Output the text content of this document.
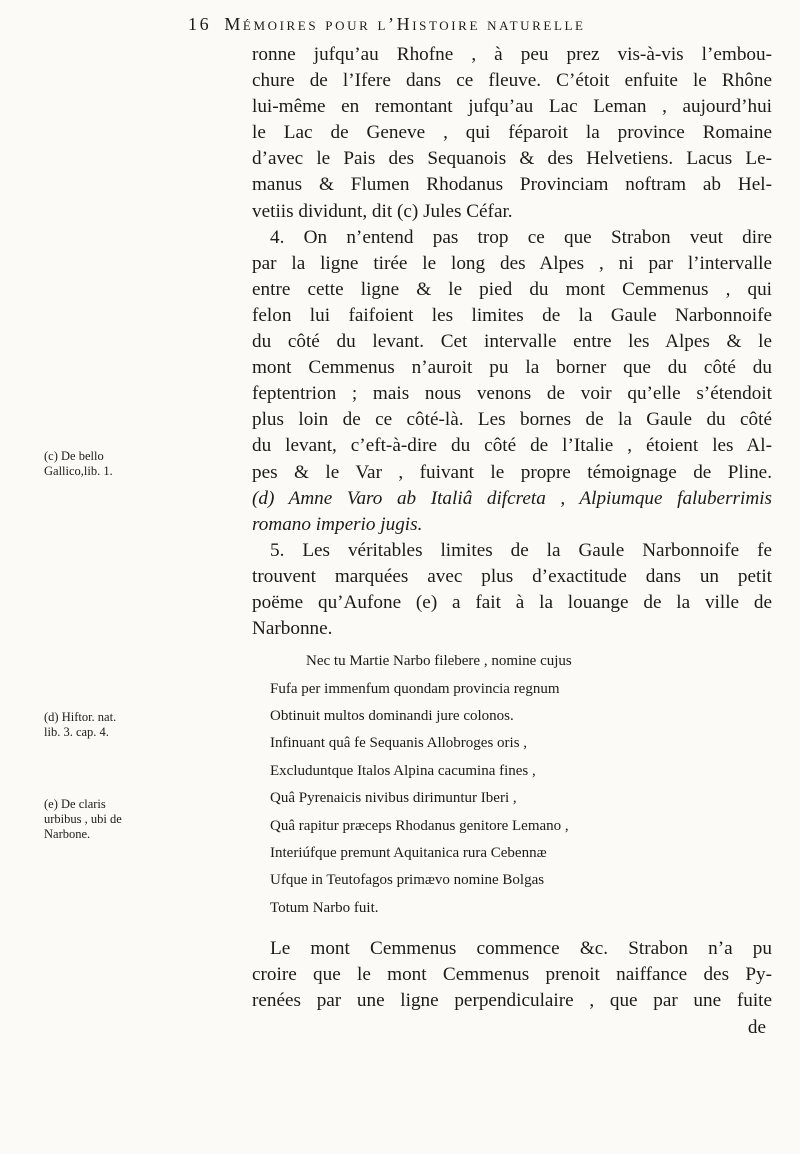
16 Mémoires pour l’Histoire naturelle
(c) De bello
Gallico,lib. 1.
(d) Hiftor. nat.
lib. 3. cap. 4.
(e) De claris
urbibus , ubi de
Narbone.

ronne jufqu’au Rhofne , à peu prez vis-à-vis l’embou-

chure de l’Ifere dans ce fleuve. C’étoit enfuite le Rhône

lui-même en remontant jufqu’au Lac Leman , aujourd’hui

le Lac de Geneve , qui féparoit la province Romaine

d’avec le Pais des Sequanois & des Helvetiens. Lacus Le-

manus & Flumen Rhodanus Provinciam noftram ab Hel-

vetiis dividunt, dit (c) Jules Céfar.

4. On n’entend pas trop ce que Strabon veut dire

par la ligne tirée le long des Alpes , ni par l’intervalle

entre cette ligne & le pied du mont Cemmenus , qui

felon lui faifoient les limites de la Gaule Narbonnoife

du côté du levant. Cet intervalle entre les Alpes & le

mont Cemmenus n’auroit pu la borner que du côté du

feptentrion ; mais nous venons de voir qu’elle s’étendoit

plus loin de ce côté-là. Les bornes de la Gaule du côté

du levant, c’eft-à-dire du côté de l’Italie , étoient les Al-

pes & le Var , fuivant le propre témoignage de Pline.

(d) Amne Varo ab Italiâ difcreta , Alpiumque faluberrimis

romano imperio jugis.

5. Les véritables limites de la Gaule Narbonnoife fe

trouvent marquées avec plus d’exactitude dans un petit

poëme qu’Aufone (e) a fait à la louange de la ville de

Narbonne.

Nec tu Martie Narbo filebere , nomine cujus
Fufa per immenfum quondam provincia regnum
Obtinuit multos dominandi jure colonos.
Infinuant quâ fe Sequanis Allobroges oris ,
Excluduntque Italos Alpina cacumina fines ,
Quâ Pyrenaicis nivibus dirimuntur Iberi ,
Quâ rapitur præceps Rhodanus genitore Lemano ,
Interiúfque premunt Aquitanica rura Cebennæ
Ufque in Teutofagos primævo nomine Bolgas
Totum Narbo fuit.

Le mont Cemmenus commence &c. Strabon n’a pu

croire que le mont Cemmenus prenoit naiffance des Py-

renées par une ligne perpendiculaire , que par une fuite

de
